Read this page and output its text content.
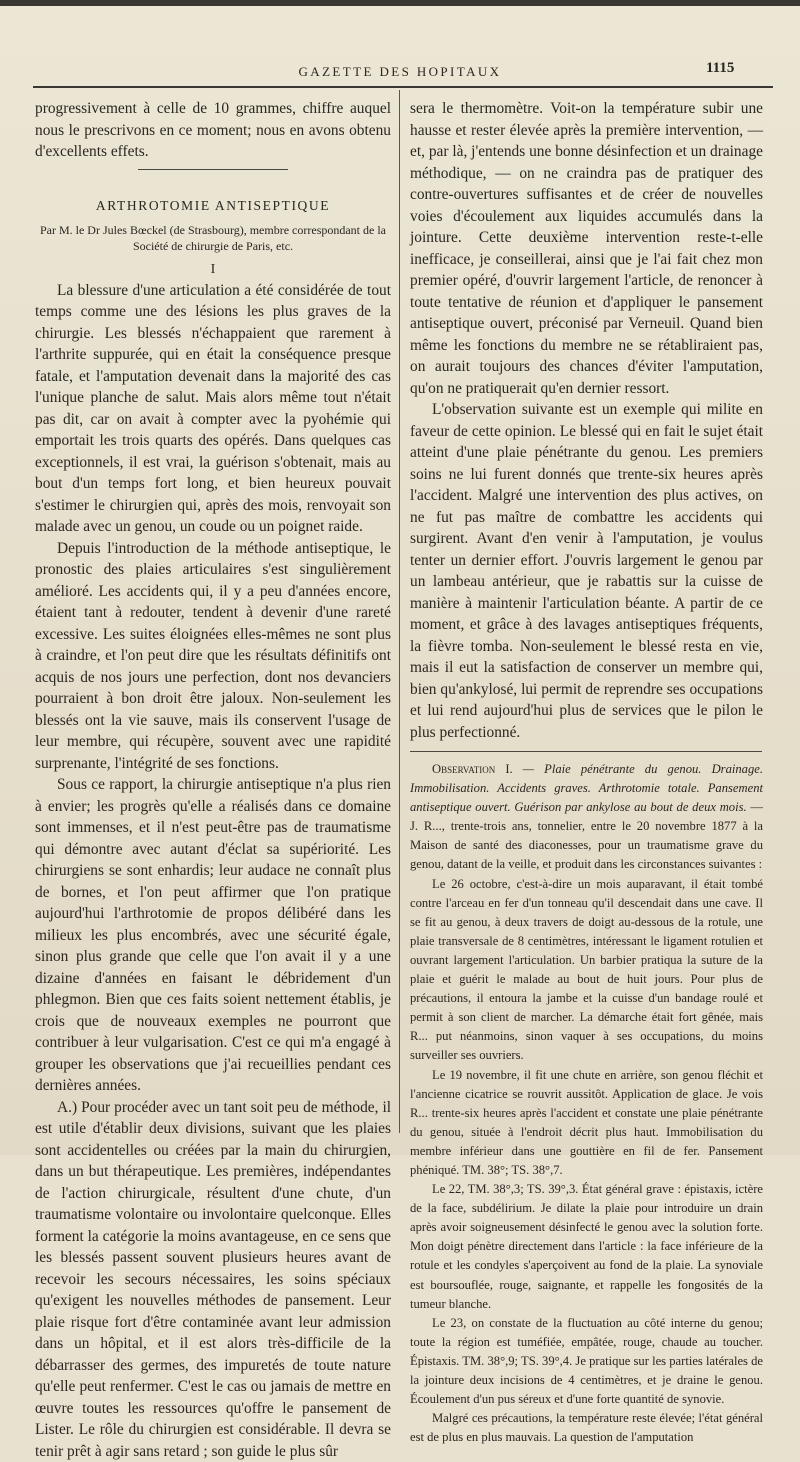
GAZETTE DES HOPITAUX	1115

progressivement à celle de 10 grammes, chiffre auquel nous le prescrivons en ce moment; nous en avons obtenu d'excellents effets.

ARTHROTOMIE ANTISEPTIQUE
Par M. le Dr Jules Bœckel (de Strasbourg), membre correspondant de la Société de chirurgie de Paris, etc.
I

La blessure d'une articulation a été considérée de tout temps comme une des lésions les plus graves de la chirurgie. Les blessés n'échappaient que rarement à l'arthrite suppurée, qui en était la conséquence presque fatale, et l'amputation devenait dans la majorité des cas l'unique planche de salut. Mais alors même tout n'était pas dit, car on avait à compter avec la pyohémie qui emportait les trois quarts des opérés. Dans quelques cas exceptionnels, il est vrai, la guérison s'obtenait, mais au bout d'un temps fort long, et bien heureux pouvait s'estimer le chirurgien qui, après des mois, renvoyait son malade avec un genou, un coude ou un poignet raide.

Depuis l'introduction de la méthode antiseptique, le pronostic des plaies articulaires s'est singulièrement amélioré. Les accidents qui, il y a peu d'années encore, étaient tant à redouter, tendent à devenir d'une rareté excessive. Les suites éloignées elles-mêmes ne sont plus à craindre, et l'on peut dire que les résultats définitifs ont acquis de nos jours une perfection, dont nos devanciers pourraient à bon droit être jaloux. Non-seulement les blessés ont la vie sauve, mais ils conservent l'usage de leur membre, qui récupère, souvent avec une rapidité surprenante, l'intégrité de ses fonctions.

Sous ce rapport, la chirurgie antiseptique n'a plus rien à envier; les progrès qu'elle a réalisés dans ce domaine sont immenses, et il n'est peut-être pas de traumatisme qui démontre avec autant d'éclat sa supériorité. Les chirurgiens se sont enhardis; leur audace ne connaît plus de bornes, et l'on peut affirmer que l'on pratique aujourd'hui l'arthrotomie de propos délibéré dans les milieux les plus encombrés, avec une sécurité égale, sinon plus grande que celle que l'on avait il y a une dizaine d'années en faisant le débridement d'un phlegmon. Bien que ces faits soient nettement établis, je crois que de nouveaux exemples ne pourront que contribuer à leur vulgarisation. C'est ce qui m'a engagé à grouper les observations que j'ai recueillies pendant ces dernières années.

A.) Pour procéder avec un tant soit peu de méthode, il est utile d'établir deux divisions, suivant que les plaies sont accidentelles ou créées par la main du chirurgien, dans un but thérapeutique. Les premières, indépendantes de l'action chirurgicale, résultent d'une chute, d'un traumatisme volontaire ou involontaire quelconque. Elles forment la catégorie la moins avantageuse, en ce sens que les blessés passent souvent plusieurs heures avant de recevoir les secours nécessaires, les soins spéciaux qu'exigent les nouvelles méthodes de pansement. Leur plaie risque fort d'être contaminée avant leur admission dans un hôpital, et il est alors très-difficile de la débarrasser des germes, des impuretés de toute nature qu'elle peut renfermer. C'est le cas ou jamais de mettre en œuvre toutes les ressources qu'offre le pansement de Lister. Le rôle du chirurgien est considérable. Il devra se tenir prêt à agir sans retard ; son guide le plus sûr

sera le thermomètre. Voit-on la température subir une hausse et rester élevée après la première intervention, — et, par là, j'entends une bonne désinfection et un drainage méthodique, — on ne craindra pas de pratiquer des contre-ouvertures suffisantes et de créer de nouvelles voies d'écoulement aux liquides accumulés dans la jointure. Cette deuxième intervention reste-t-elle inefficace, je conseillerai, ainsi que je l'ai fait chez mon premier opéré, d'ouvrir largement l'article, de renoncer à toute tentative de réunion et d'appliquer le pansement antiseptique ouvert, préconisé par Verneuil. Quand bien même les fonctions du membre ne se rétabliraient pas, on aurait toujours des chances d'éviter l'amputation, qu'on ne pratiquerait qu'en dernier ressort.

L'observation suivante est un exemple qui milite en faveur de cette opinion. Le blessé qui en fait le sujet était atteint d'une plaie pénétrante du genou. Les premiers soins ne lui furent donnés que trente-six heures après l'accident. Malgré une intervention des plus actives, on ne fut pas maître de combattre les accidents qui surgirent. Avant d'en venir à l'amputation, je voulus tenter un dernier effort. J'ouvris largement le genou par un lambeau antérieur, que je rabattis sur la cuisse de manière à maintenir l'articulation béante. A partir de ce moment, et grâce à des lavages antiseptiques fréquents, la fièvre tomba. Non-seulement le blessé resta en vie, mais il eut la satisfaction de conserver un membre qui, bien qu'ankylosé, lui permit de reprendre ses occupations et lui rend aujourd'hui plus de services que le pilon le plus perfectionné.

Observation I. — Plaie pénétrante du genou. Drainage. Immobilisation. Accidents graves. Arthrotomie totale. Pansement antiseptique ouvert. Guérison par ankylose au bout de deux mois. — J. R..., trente-trois ans, tonnelier, entre le 20 novembre 1877 à la Maison de santé des diaconesses, pour un traumatisme grave du genou, datant de la veille, et produit dans les circonstances suivantes :

Le 26 octobre, c'est-à-dire un mois auparavant, il était tombé contre l'arceau en fer d'un tonneau qu'il descendait dans une cave. Il se fit au genou, à deux travers de doigt au-dessous de la rotule, une plaie transversale de 8 centimètres, intéressant le ligament rotulien et ouvrant largement l'articulation. Un barbier pratiqua la suture de la plaie et guérit le malade au bout de huit jours. Pour plus de précautions, il entoura la jambe et la cuisse d'un bandage roulé et permit à son client de marcher. La démarche était fort gênée, mais R... put néanmoins, sinon vaquer à ses occupations, du moins surveiller ses ouvriers.

Le 19 novembre, il fit une chute en arrière, son genou fléchit et l'ancienne cicatrice se rouvrit aussitôt. Application de glace. Je vois R... trente-six heures après l'accident et constate une plaie pénétrante du genou, située à l'endroit décrit plus haut. Immobilisation du membre inférieur dans une gouttière en fil de fer. Pansement phéniqué. TM. 38°; TS. 38°,7.

Le 22, TM. 38°,3; TS. 39°,3. État général grave : épistaxis, ictère de la face, subdélirium. Je dilate la plaie pour introduire un drain après avoir soigneusement désinfecté le genou avec la solution forte. Mon doigt pénètre directement dans l'article : la face inférieure de la rotule et les condyles s'aperçoivent au fond de la plaie. La synoviale est boursouflée, rouge, saignante, et rappelle les fongosités de la tumeur blanche.

Le 23, on constate de la fluctuation au côté interne du genou; toute la région est tuméfiée, empâtée, rouge, chaude au toucher. Épistaxis. TM. 38°,9; TS. 39°,4. Je pratique sur les parties latérales de la jointure deux incisions de 4 centimètres, et je draine le genou. Écoulement d'un pus séreux et d'une forte quantité de synovie.

Malgré ces précautions, la température reste élevée; l'état général est de plus en plus mauvais. La question de l'amputation
